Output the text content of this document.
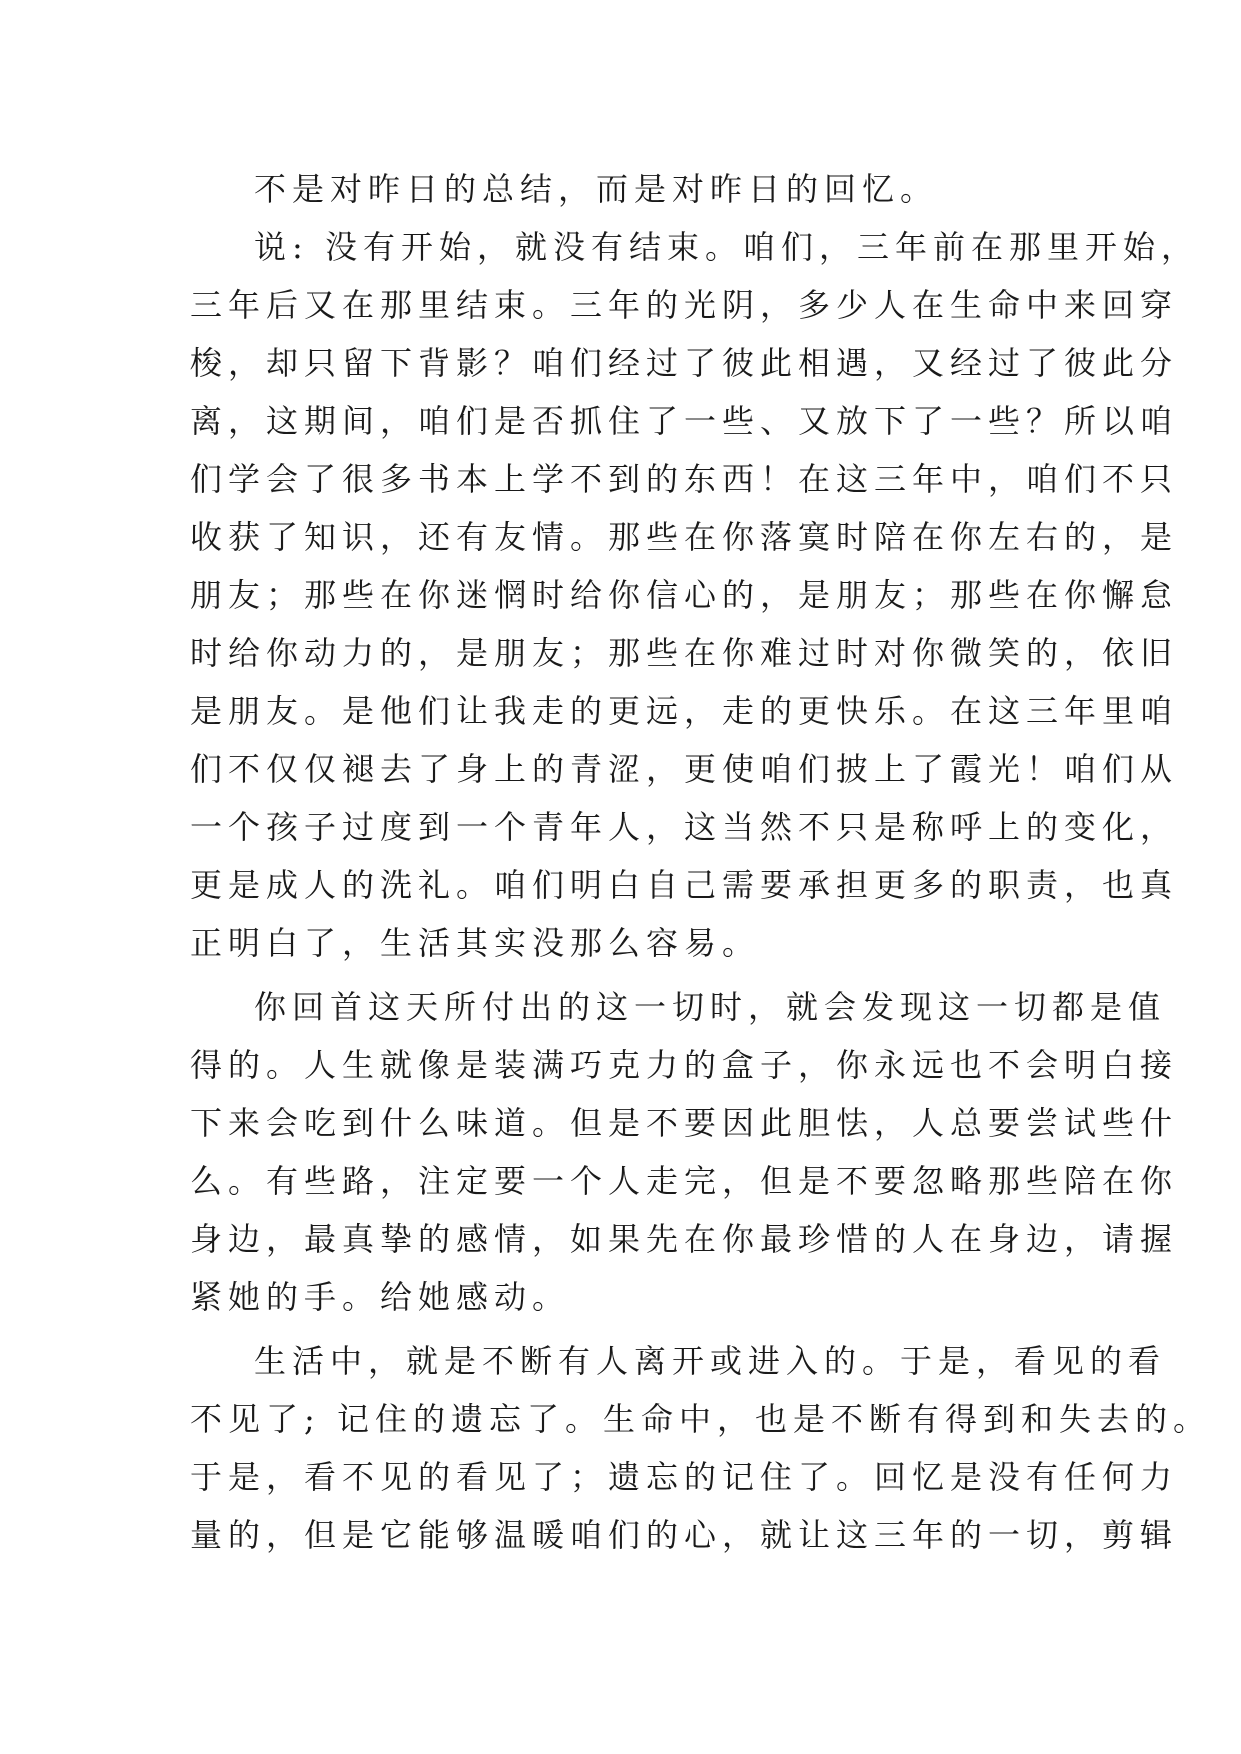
不是对昨日的总结，而是对昨日的回忆。
说: 没有开始，就没有结束。咱们，三年前在那里开始，
三年后又在那里结束。三年的光阴，多少人在生命中来回穿
梭，却只留下背影？咱们经过了彼此相遇，又经过了彼此分
离，这期间，咱们是否抓住了一些、又放下了一些？所以咱
们学会了很多书本上学不到的东西！在这三年中，咱们不只
收获了知识，还有友情。那些在你落寞时陪在你左右的，是
朋友；那些在你迷惘时给你信心的，是朋友；那些在你懈怠
时给你动力的，是朋友；那些在你难过时对你微笑的，依旧
是朋友。是他们让我走的更远，走的更快乐。在这三年里咱
们不仅仅褪去了身上的青涩，更使咱们披上了霞光！咱们从
一个孩子过度到一个青年人，这当然不只是称呼上的变化，
更是成人的洗礼。咱们明白自己需要承担更多的职责，也真
正明白了，生活其实没那么容易。
你回首这天所付出的这一切时，就会发现这一切都是值
得的。人生就像是装满巧克力的盒子，你永远也不会明白接
下来会吃到什么味道。但是不要因此胆怯，人总要尝试些什
么。有些路，注定要一个人走完，但是不要忽略那些陪在你
身边，最真挚的感情，如果先在你最珍惜的人在身边，请握
紧她的手。给她感动。
生活中，就是不断有人离开或进入的。于是，看见的看
不见了; 记住的遗忘了。生命中，也是不断有得到和失去的。
于是，看不见的看见了；遗忘的记住了。回忆是没有任何力
量的，但是它能够温暖咱们的心，就让这三年的一切，剪辑
